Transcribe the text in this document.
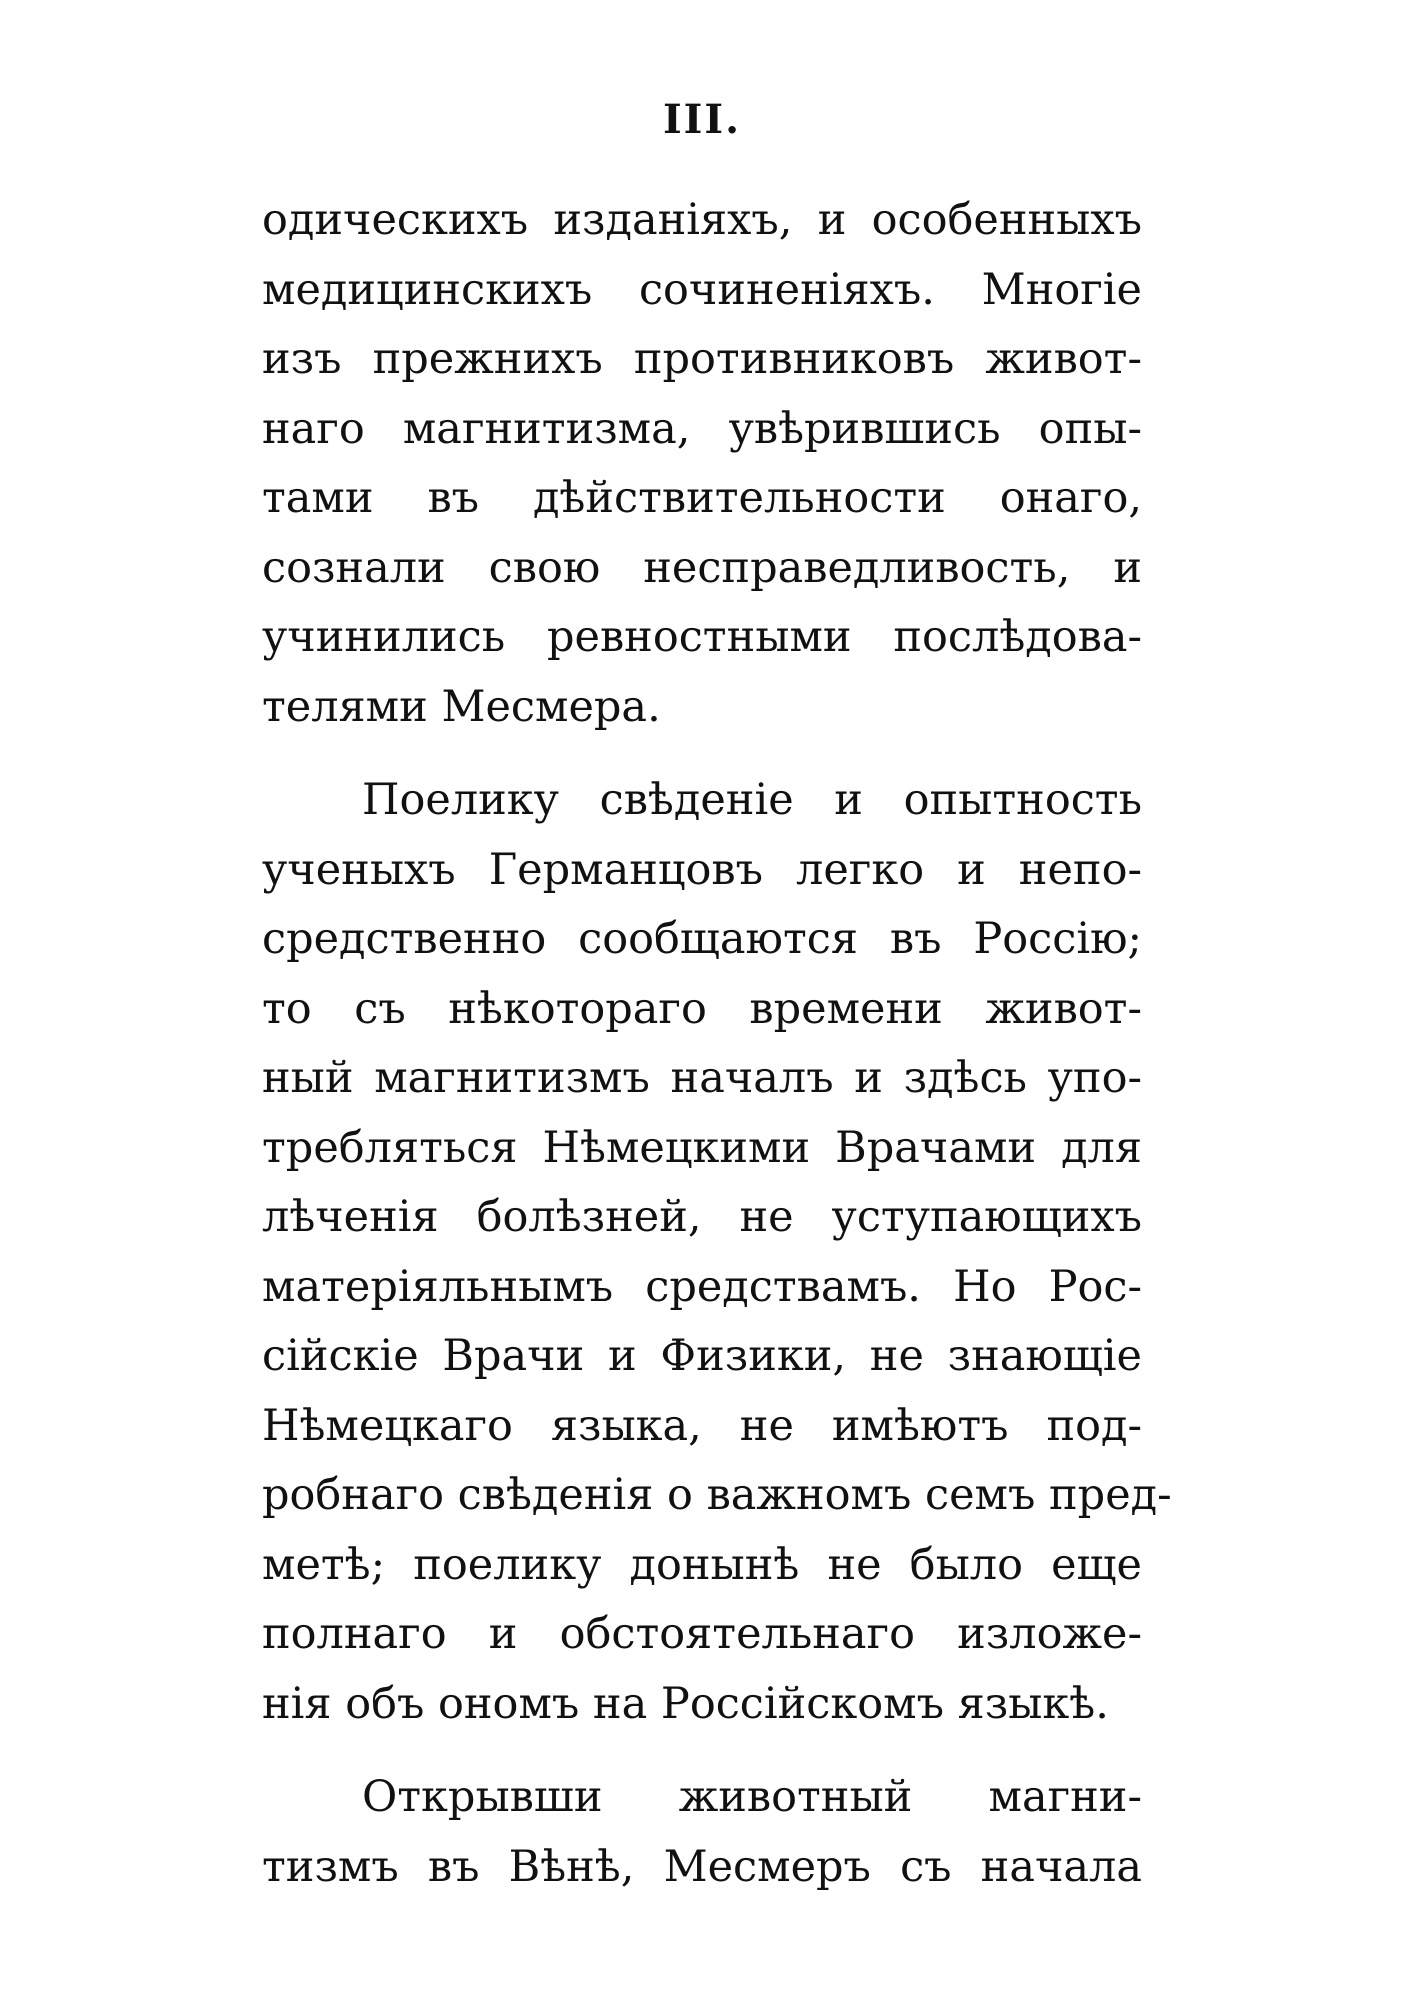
III.
одическихъ изданіяхъ, и особенныхъ
медицинскихъ сочиненіяхъ. Многіе
изъ прежнихъ противниковъ живот-
наго магнитизма, увѣрившись опы-
тами въ дѣйствительности онаго,
сознали свою несправедливость, и
учинились ревностными послѣдова-
телями Месмера.
Поелику свѣденіе и опытность
ученыхъ Германцовъ легко и непо-
средственно сообщаются въ Россію;
то съ нѣкотораго времени живот-
ный магнитизмъ началъ и здѣсь упо-
требляться Нѣмецкими Врачами для
лѣченія болѣзней, не уступающихъ
матеріяльнымъ средствамъ. Но Рос-
сійскіе Врачи и Физики, не знающіе
Нѣмецкаго языка, не имѣютъ под-
робнаго свѣденія о важномъ семъ пред-
метѣ; поелику донынѣ не было еще
полнаго и обстоятельнаго изложе-
нія объ ономъ на Россійскомъ языкѣ.
Открывши животный магни-
тизмъ въ Вѣнѣ, Месмеръ съ начала
